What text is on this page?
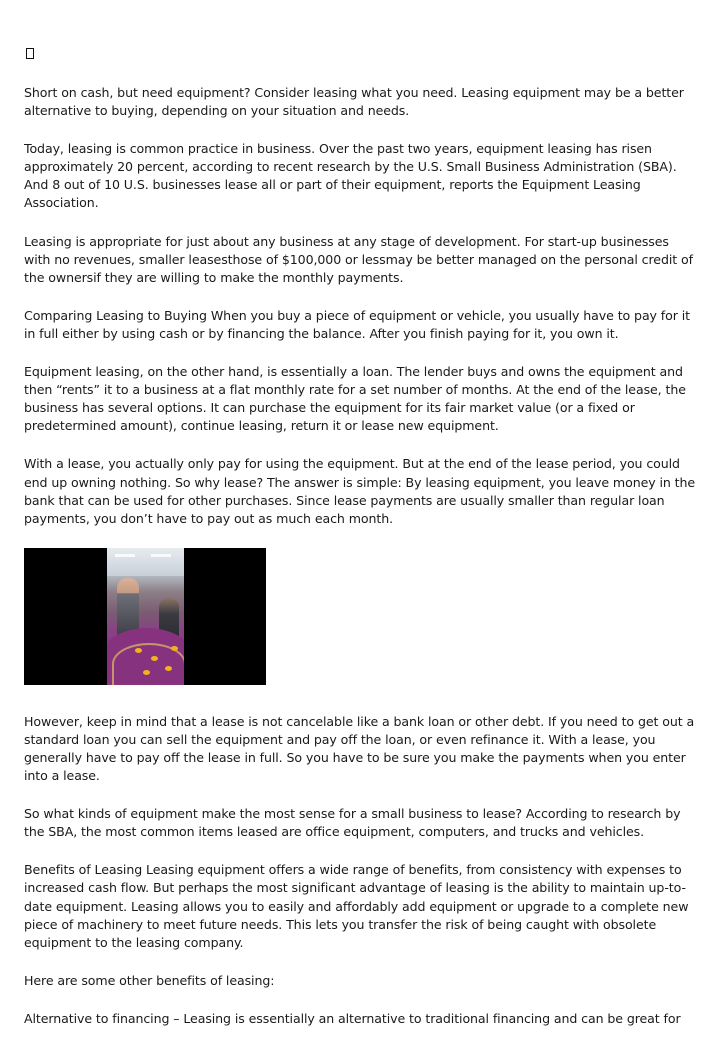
Short on cash, but need equipment? Consider leasing what you need. Leasing equipment may be a better alternative to buying, depending on your situation and needs.

Today, leasing is common practice in business. Over the past two years, equipment leasing has risen approximately 20 percent, according to recent research by the U.S. Small Business Administration (SBA). And 8 out of 10 U.S. businesses lease all or part of their equipment, reports the Equipment Leasing Association.

Leasing is appropriate for just about any business at any stage of development. For start-up businesses with no revenues, smaller leasesthose of $100,000 or lessmay be better managed on the personal credit of the ownersif they are willing to make the monthly payments.

Comparing Leasing to Buying When you buy a piece of equipment or vehicle, you usually have to pay for it in full either by using cash or by financing the balance. After you finish paying for it, you own it.

Equipment leasing, on the other hand, is essentially a loan. The lender buys and owns the equipment and then “rents” it to a business at a flat monthly rate for a set number of months. At the end of the lease, the business has several options. It can purchase the equipment for its fair market value (or a fixed or predetermined amount), continue leasing, return it or lease new equipment.

With a lease, you actually only pay for using the equipment. But at the end of the lease period, you could end up owning nothing. So why lease? The answer is simple: By leasing equipment, you leave money in the bank that can be used for other purchases. Since lease payments are usually smaller than regular loan payments, you don’t have to pay out as much each month.

However, keep in mind that a lease is not cancelable like a bank loan or other debt. If you need to get out a standard loan you can sell the equipment and pay off the loan, or even refinance it. With a lease, you generally have to pay off the lease in full. So you have to be sure you make the payments when you enter into a lease.

So what kinds of equipment make the most sense for a small business to lease? According to research by the SBA, the most common items leased are office equipment, computers, and trucks and vehicles.

Benefits of Leasing Leasing equipment offers a wide range of benefits, from consistency with expenses to increased cash flow. But perhaps the most significant advantage of leasing is the ability to maintain up-to-date equipment. Leasing allows you to easily and affordably add equipment or upgrade to a complete new piece of machinery to meet future needs. This lets you transfer the risk of being caught with obsolete equipment to the leasing company.

Here are some other benefits of leasing:

Alternative to financing – Leasing is essentially an alternative to traditional financing and can be great for
